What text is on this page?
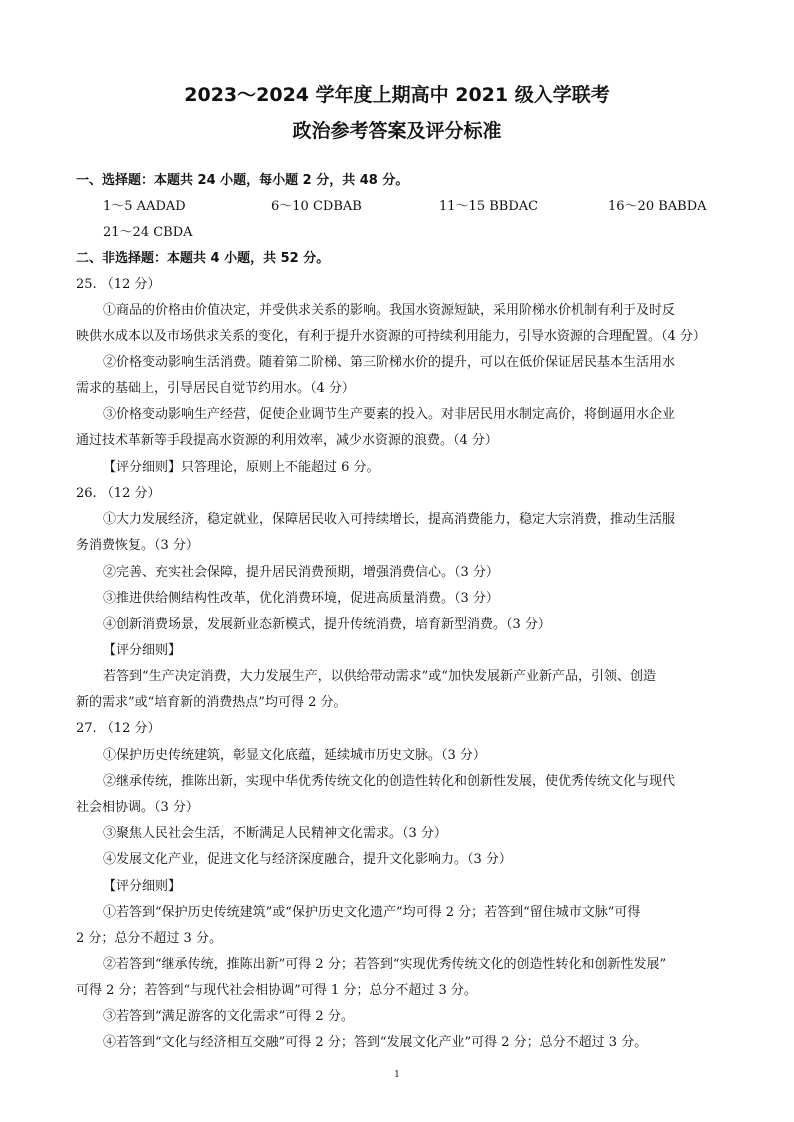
2023～2024 学年度上期高中 2021 级入学联考
政治参考答案及评分标准
一、选择题：本题共 24 小题，每小题 2 分，共 48 分。
1～5 AADAD	6～10 CDBAB	11～15 BBDAC	16～20 BABDA
21～24 CBDA
二、非选择题：本题共 4 小题，共 52 分。
25. （12 分）
①商品的价格由价值决定，并受供求关系的影响。我国水资源短缺，采用阶梯水价机制有利于及时反
映供水成本以及市场供求关系的变化，有利于提升水资源的可持续利用能力，引导水资源的合理配置。（4 分）
②价格变动影响生活消费。随着第二阶梯、第三阶梯水价的提升，可以在低价保证居民基本生活用水
需求的基础上，引导居民自觉节约用水。（4 分）
③价格变动影响生产经营，促使企业调节生产要素的投入。对非居民用水制定高价，将倒逼用水企业
通过技术革新等手段提高水资源的利用效率，减少水资源的浪费。（4 分）
【评分细则】只答理论，原则上不能超过 6 分。
26. （12 分）
①大力发展经济，稳定就业，保障居民收入可持续增长，提高消费能力，稳定大宗消费，推动生活服
务消费恢复。（3 分）
②完善、充实社会保障，提升居民消费预期，增强消费信心。（3 分）
③推进供给侧结构性改革，优化消费环境，促进高质量消费。（3 分）
④创新消费场景，发展新业态新模式，提升传统消费，培育新型消费。（3 分）
【评分细则】
若答到“生产决定消费，大力发展生产，以供给带动需求”或“加快发展新产业新产品，引领、创造
新的需求”或“培育新的消费热点”均可得 2 分。
27. （12 分）
①保护历史传统建筑，彰显文化底蕴，延续城市历史文脉。（3 分）
②继承传统，推陈出新，实现中华优秀传统文化的创造性转化和创新性发展，使优秀传统文化与现代
社会相协调。（3 分）
③聚焦人民社会生活，不断满足人民精神文化需求。（3 分）
④发展文化产业，促进文化与经济深度融合，提升文化影响力。（3 分）
【评分细则】
①若答到“保护历史传统建筑”或“保护历史文化遗产”均可得 2 分；若答到“留住城市文脉”可得
2 分；总分不超过 3 分。
②若答到“继承传统，推陈出新”可得 2 分；若答到“实现优秀传统文化的创造性转化和创新性发展”
可得 2 分；若答到“与现代社会相协调”可得 1 分；总分不超过 3 分。
③若答到“满足游客的文化需求”可得 2 分。
④若答到“文化与经济相互交融”可得 2 分；答到“发展文化产业”可得 2 分；总分不超过 3 分。
1
